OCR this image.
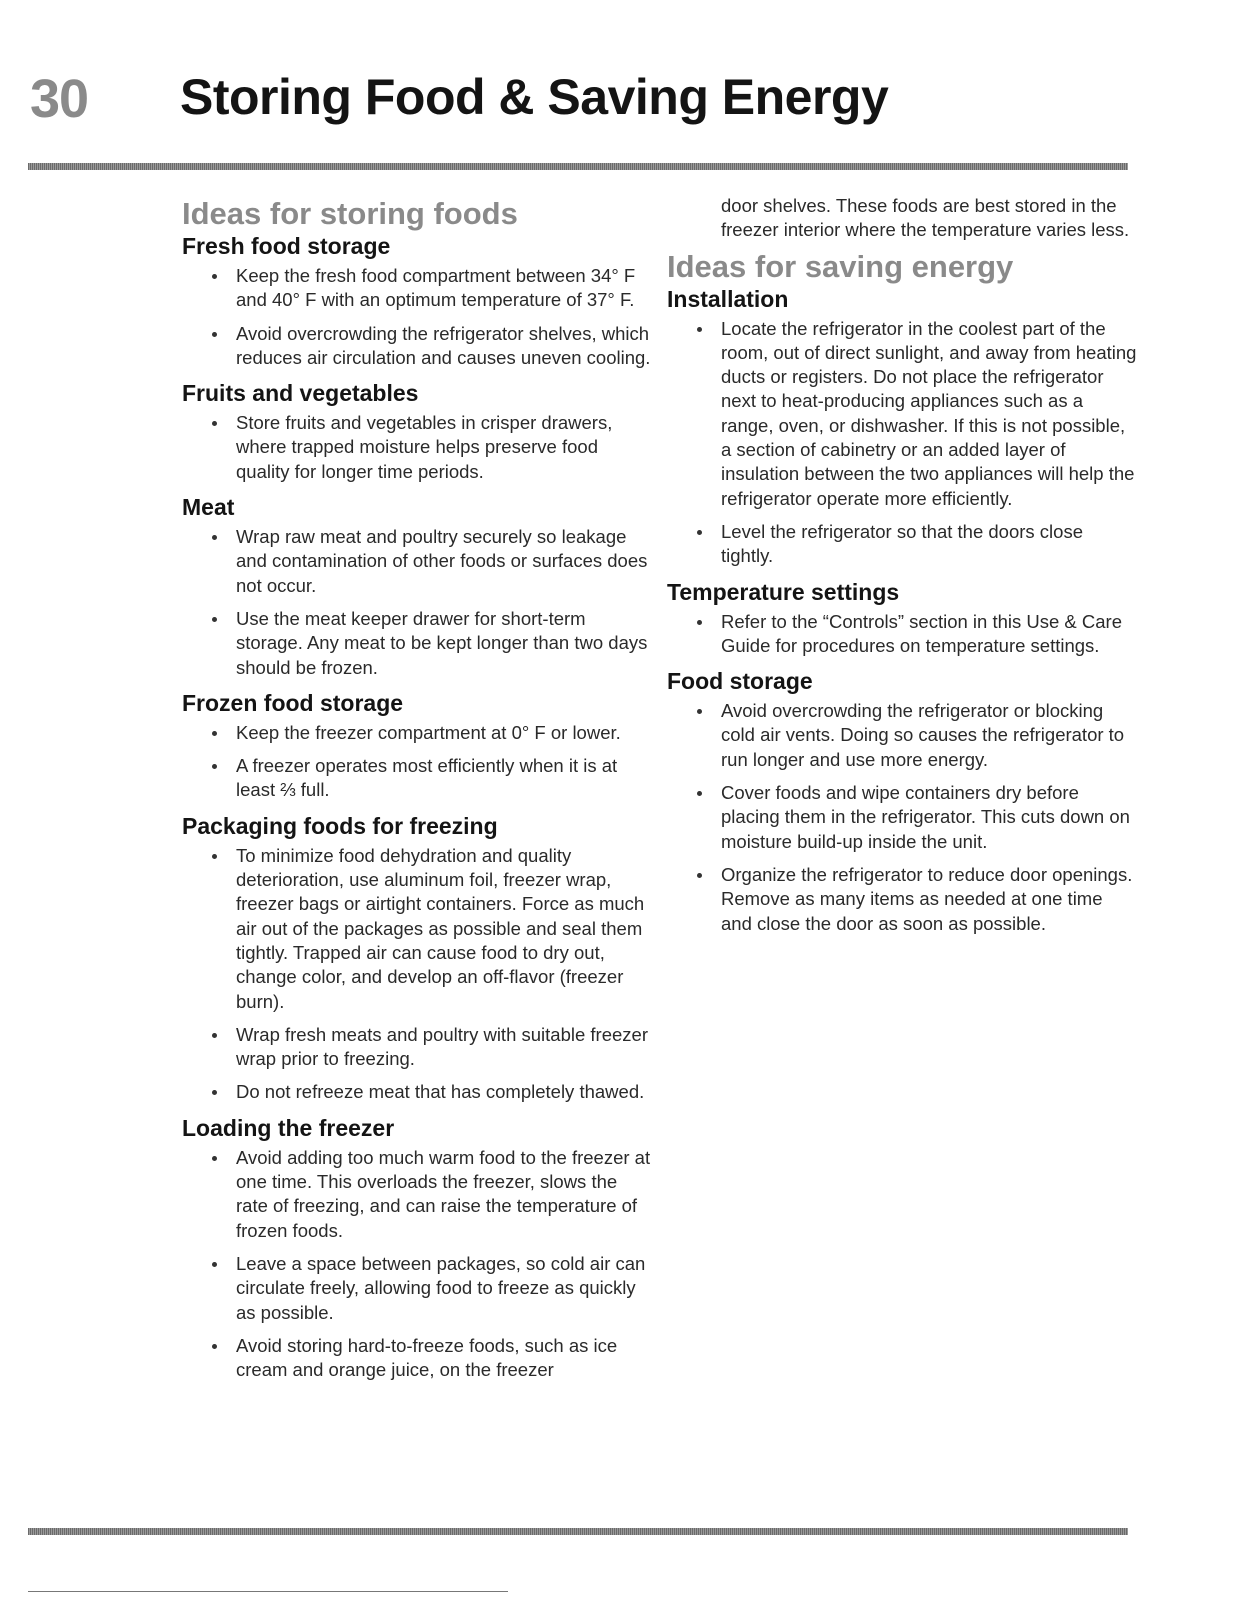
30 Storing Food & Saving Energy
Ideas for storing foods
Fresh food storage
Keep the fresh food compartment between 34° F and 40° F with an optimum temperature of 37° F.
Avoid overcrowding the refrigerator shelves, which reduces air circulation and causes uneven cooling.
Fruits and vegetables
Store fruits and vegetables in crisper drawers, where trapped moisture helps preserve food quality for longer time periods.
Meat
Wrap raw meat and poultry securely so leakage and contamination of other foods or surfaces does not occur.
Use the meat keeper drawer for short-term storage. Any meat to be kept longer than two days should be frozen.
Frozen food storage
Keep the freezer compartment at 0° F or lower.
A freezer operates most efficiently when it is at least ⅔ full.
Packaging foods for freezing
To minimize food dehydration and quality deterioration, use aluminum foil, freezer wrap, freezer bags or airtight containers. Force as much air out of the packages as possible and seal them tightly. Trapped air can cause food to dry out, change color, and develop an off-flavor (freezer burn).
Wrap fresh meats and poultry with suitable freezer wrap prior to freezing.
Do not refreeze meat that has completely thawed.
Loading the freezer
Avoid adding too much warm food to the freezer at one time. This overloads the freezer, slows the rate of freezing, and can raise the temperature of frozen foods.
Leave a space between packages, so cold air can circulate freely, allowing food to freeze as quickly as possible.
Avoid storing hard-to-freeze foods, such as ice cream and orange juice, on the freezer

door shelves. These foods are best stored in the freezer interior where the temperature varies less.

Ideas for saving energy
Installation
Locate the refrigerator in the coolest part of the room, out of direct sunlight, and away from heating ducts or registers. Do not place the refrigerator next to heat-producing appliances such as a range, oven, or dishwasher. If this is not possible, a section of cabinetry or an added layer of insulation between the two appliances will help the refrigerator operate more efficiently.
Level the refrigerator so that the doors close tightly.
Temperature settings
Refer to the “Controls” section in this Use & Care Guide for procedures on temperature settings.
Food storage
Avoid overcrowding the refrigerator or blocking cold air vents. Doing so causes the refrigerator to run longer and use more energy.
Cover foods and wipe containers dry before placing them in the refrigerator. This cuts down on moisture build-up inside the unit.
Organize the refrigerator to reduce door openings. Remove as many items as needed at one time and close the door as soon as possible.
